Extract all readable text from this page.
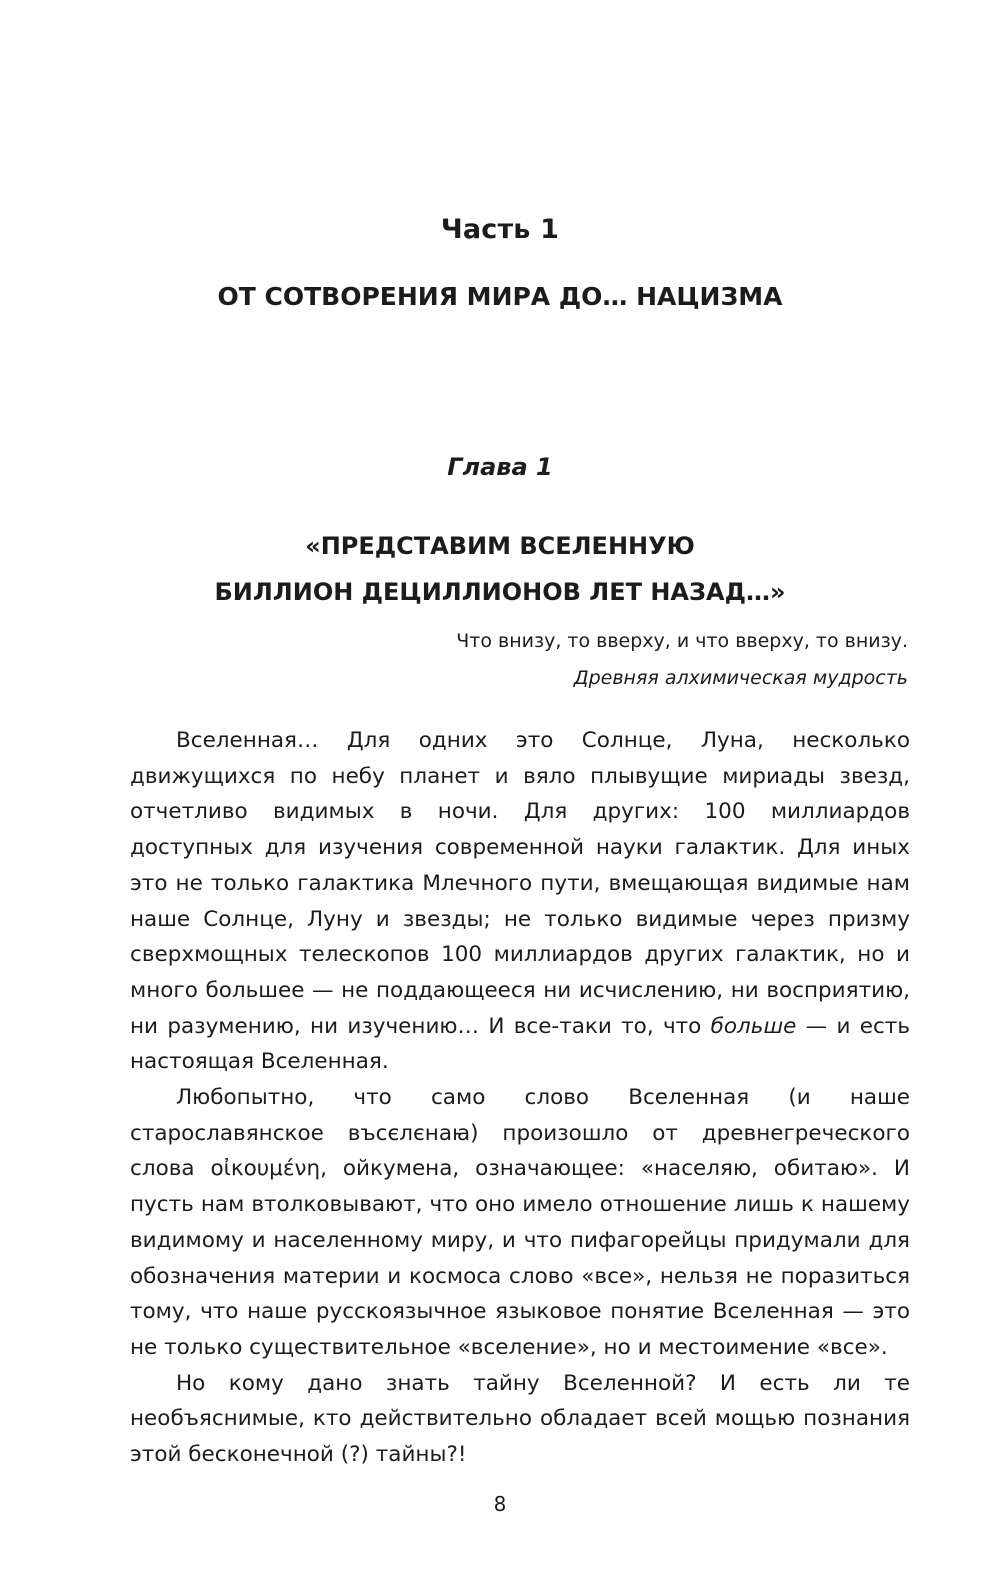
Часть 1
ОТ СОТВОРЕНИЯ МИРА ДО… НАЦИЗМА
Глава 1
«ПРЕДСТАВИМ ВСЕЛЕННУЮ
БИЛЛИОН ДЕЦИЛЛИОНОВ ЛЕТ НАЗАД…»
Что внизу, то вверху, и что вверху, то внизу.
Древняя алхимическая мудрость

Вселенная… Для одних это Солнце, Луна, несколько движущихся по небу планет и вяло плывущие мириады звезд, отчетливо видимых в ночи. Для других: 100 миллиардов доступных для изучения современной науки галактик. Для иных это не только галактика Млечного пути, вмещающая видимые нам наше Солнце, Луну и звезды; не только видимые через призму сверхмощных телескопов 100 миллиардов других галактик, но и много большее — не поддающееся ни исчислению, ни восприятию, ни разумению, ни изучению… И все-таки то, что больше — и есть настоящая Вселенная.

Любопытно, что само слово Вселенная (и наше старославянское въсєлєнаꙗ) произошло от древнегреческого слова οἰκουμένη, ойкумена, означающее: «населяю, обитаю». И пусть нам втолковывают, что оно имело отношение лишь к нашему видимому и населенному миру, и что пифагорейцы придумали для обозначения материи и космоса слово «все», нельзя не поразиться тому, что наше русскоязычное языковое понятие Вселенная — это не только существительное «вселение», но и местоимение «все».

Но кому дано знать тайну Вселенной? И есть ли те необъяснимые, кто действительно обладает всей мощью познания этой бесконечной (?) тайны?!

8
